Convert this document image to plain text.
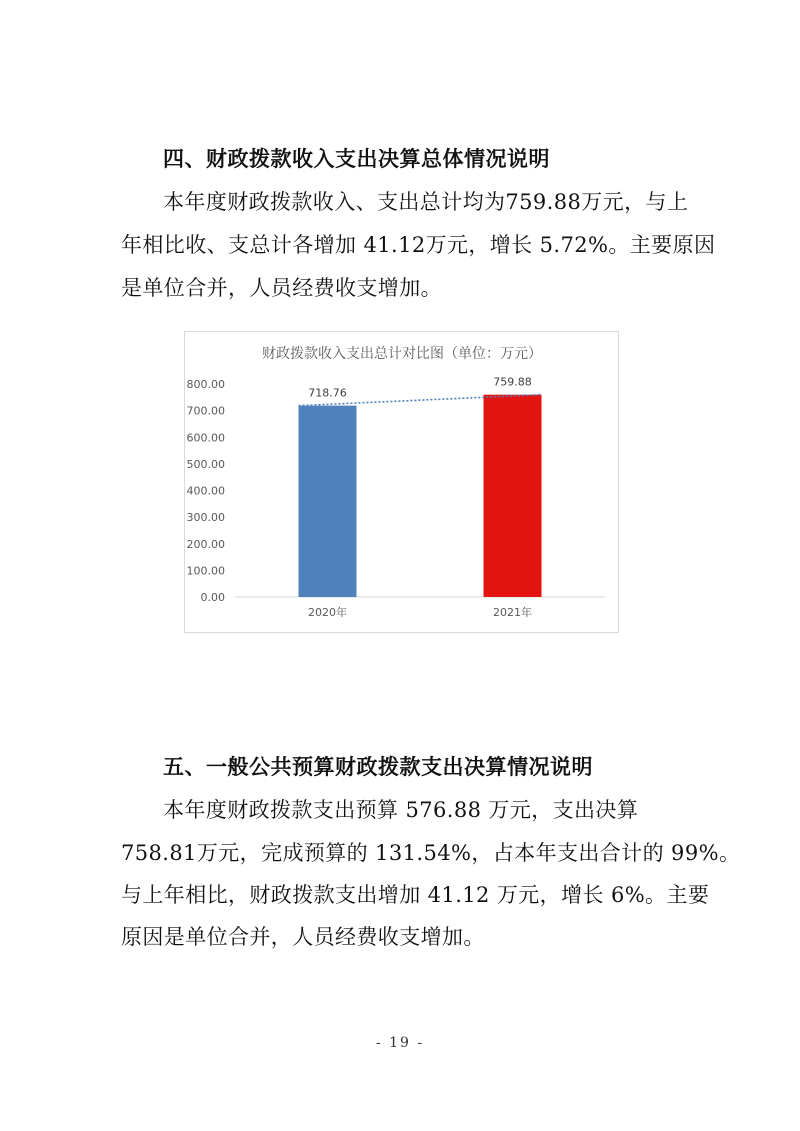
四、财政拨款收入支出决算总体情况说明
本年度财政拨款收入、支出总计均为759.88万元，与上
年相比收、支总计各增加 41.12万元，增长 5.72%。主要原因
是单位合并，人员经费收支增加。
财政拨款收入支出总计对比图（单位：万元）
0.00
100.00
200.00
300.00
400.00
500.00
600.00
700.00
800.00
718.76
2020年
759.88
2021年
五、一般公共预算财政拨款支出决算情况说明
本年度财政拨款支出预算 576.88 万元，支出决算
758.81万元，完成预算的 131.54%，占本年支出合计的 99%。
与上年相比，财政拨款支出增加 41.12 万元，增长 6%。主要
原因是单位合并，人员经费收支增加。
- 19 -
